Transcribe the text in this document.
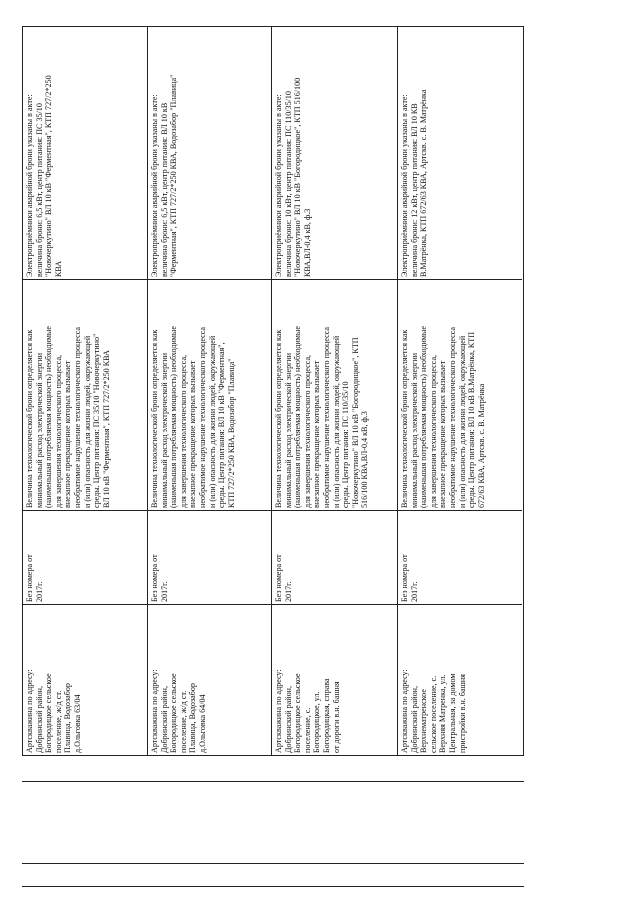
Электроприёмники аварийной брони указаны в акте:
величина брони: 6,5 кВт, центр питания: ПС 35/10
"Новочеркутино" ВЛ 10 кВ "Ферментная", КТП 727/2*250
КВА
Величина технологической брони определяется как
минимальный расход электрической энергии
(наименьшая потребляемая мощность) необходимые
для завершения технологического процесса,
внезапное прекращение которых вызывает
необратимое нарушение технологического процесса
и (или) опасность для жизни людей, окружающей
среды. Центр питания: ПС 35/10 "Новочеркутино"
ВЛ 10 кВ "Ферментная", КТП 727/2*250 КВА
Без номера от
2017г.
Артскважина по адресу:
Добринский район,
Богородицкое сельское
поселение, ж/д ст.
Плавица, Водозабор
д.Ольговка 63/04
Электроприёмники аварийной брони указаны в акте:
величина брони: 6,5 кВт, центр питания: ВЛ 10 кВ
"Ферментная", КТП 727/2*250 КВА, Водозабор "Плавица"
Величина технологической брони определяется как
минимальный расход электрической энергии
(наименьшая потребляемая мощность) необходимые
для завершения технологического процесса,
внезапное прекращение которых вызывает
необратимое нарушение технологического процесса
и (или) опасность для жизни людей, окружающей
среды. Центр питания: ВЛ 10 кВ "Ферментная",
КТП 727/2*250 КВА, Водозабор "Плавица"
Без номера от
2017г.
Артскважина по адресу:
Добринский район,
Богородицкое сельское
поселение, ж/д ст.
Плавица, Водозабор
д.Ольговка 64/04
Электроприёмники аварийной брони указаны в акте:
величина брони: 10 кВт, центр питания: ПС 110/35/10
"Новочеркутино" ВЛ 10 кВ "Богородицкое", КТП 516/100
КВА,ВЛ-0,4 кВ, ф.3
Величина технологической брони определяется как
минимальный расход электрической энергии
(наименьшая потребляемая мощность) необходимые
для завершения технологического процесса,
внезапное прекращение которых вызывает
необратимое нарушение технологического процесса
и (или) опасность для жизни людей, окружающей
среды. Центр питания: ПС 110/35/10
"Новочеркутино" ВЛ 10 кВ "Богородицкое", КТП
516/100 КВА,ВЛ-0,4 кВ, ф.3
Без номера от
2017г.
Артскважина по адресу:
Добринский район,
Богородицкое сельское
поселение, с.
Богородицкое, ул.
Богородицкая, справа
от дороги в.н. башня
Электроприёмники аварийной брони указаны в акте:
величина брони: 12 кВт, центр питания: ВЛ 10 КВ
В.Матрёнка, КТП 672/63 КВА, Артскв. с. В. Матрёнка
Величина технологической брони определяется как
минимальный расход электрической энергии
(наименьшая потребляемая мощность) необходимые
для завершения технологического процесса,
внезапное прекращение которых вызывает
необратимое нарушение технологического процесса
и (или) опасность для жизни людей, окружающей
среды. Центр питания: ВЛ 10 кВ В.Матрёнка, КТП
672/63 КВА, Артскв. с. В. Матрёнка
Без номера от
2017г.
Артскважина по адресу:
Добринский район,
Верхнематренское
сельское поселение, с.
Верхняя Матренка, ул.
Центральная, за домом
пристройки в.н. башня
